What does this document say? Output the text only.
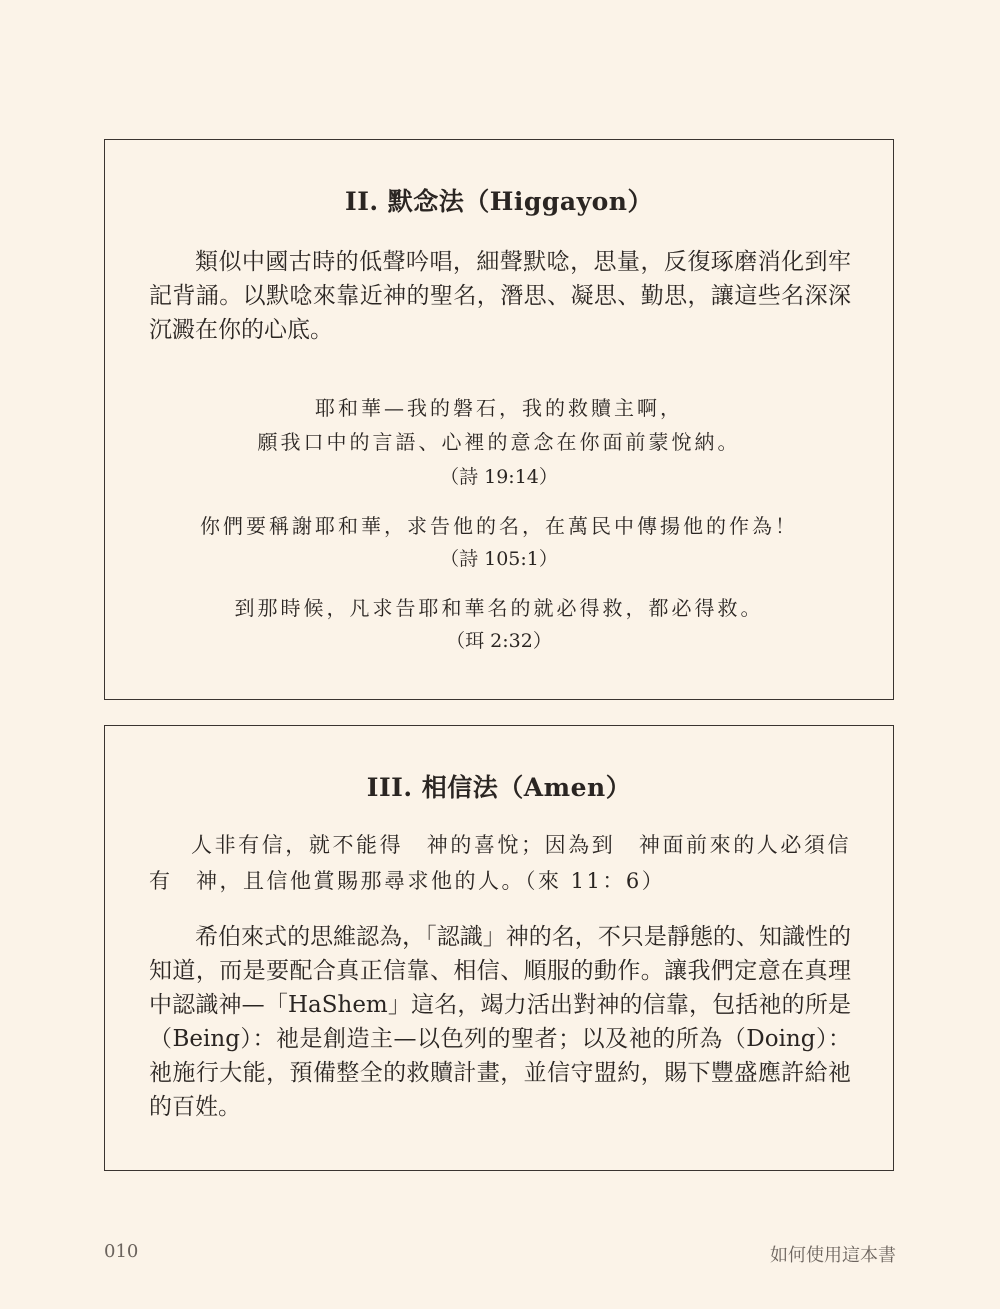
II. 默念法（Higgayon）

類似中國古時的低聲吟唱，細聲默唸，思量，反復琢磨消化到牢記背誦。以默唸來靠近神的聖名，潛思、凝思、勤思，讓這些名深深沉澱在你的心底。

耶和華—我的磐石，我的救贖主啊，
願我口中的言語、心裡的意念在你面前蒙悅納。
（詩 19:14）
你們要稱謝耶和華，求告他的名，在萬民中傳揚他的作為！
（詩 105:1）
到那時候，凡求告耶和華名的就必得救，都必得救。
（珥 2:32）
III. 相信法（Amen）

人非有信，就不能得　神的喜悅；因為到　神面前來的人必須信有　神，且信他賞賜那尋求他的人。（來 11：6）

希伯來式的思維認為，「認識」神的名，不只是靜態的、知識性的知道，而是要配合真正信靠、相信、順服的動作。讓我們定意在真理中認識神—「HaShem」這名，竭力活出對神的信靠，包括祂的所是（Being）：祂是創造主—以色列的聖者；以及祂的所為（Doing）：祂施行大能，預備整全的救贖計畫，並信守盟約，賜下豐盛應許給祂的百姓。

010	如何使用這本書
